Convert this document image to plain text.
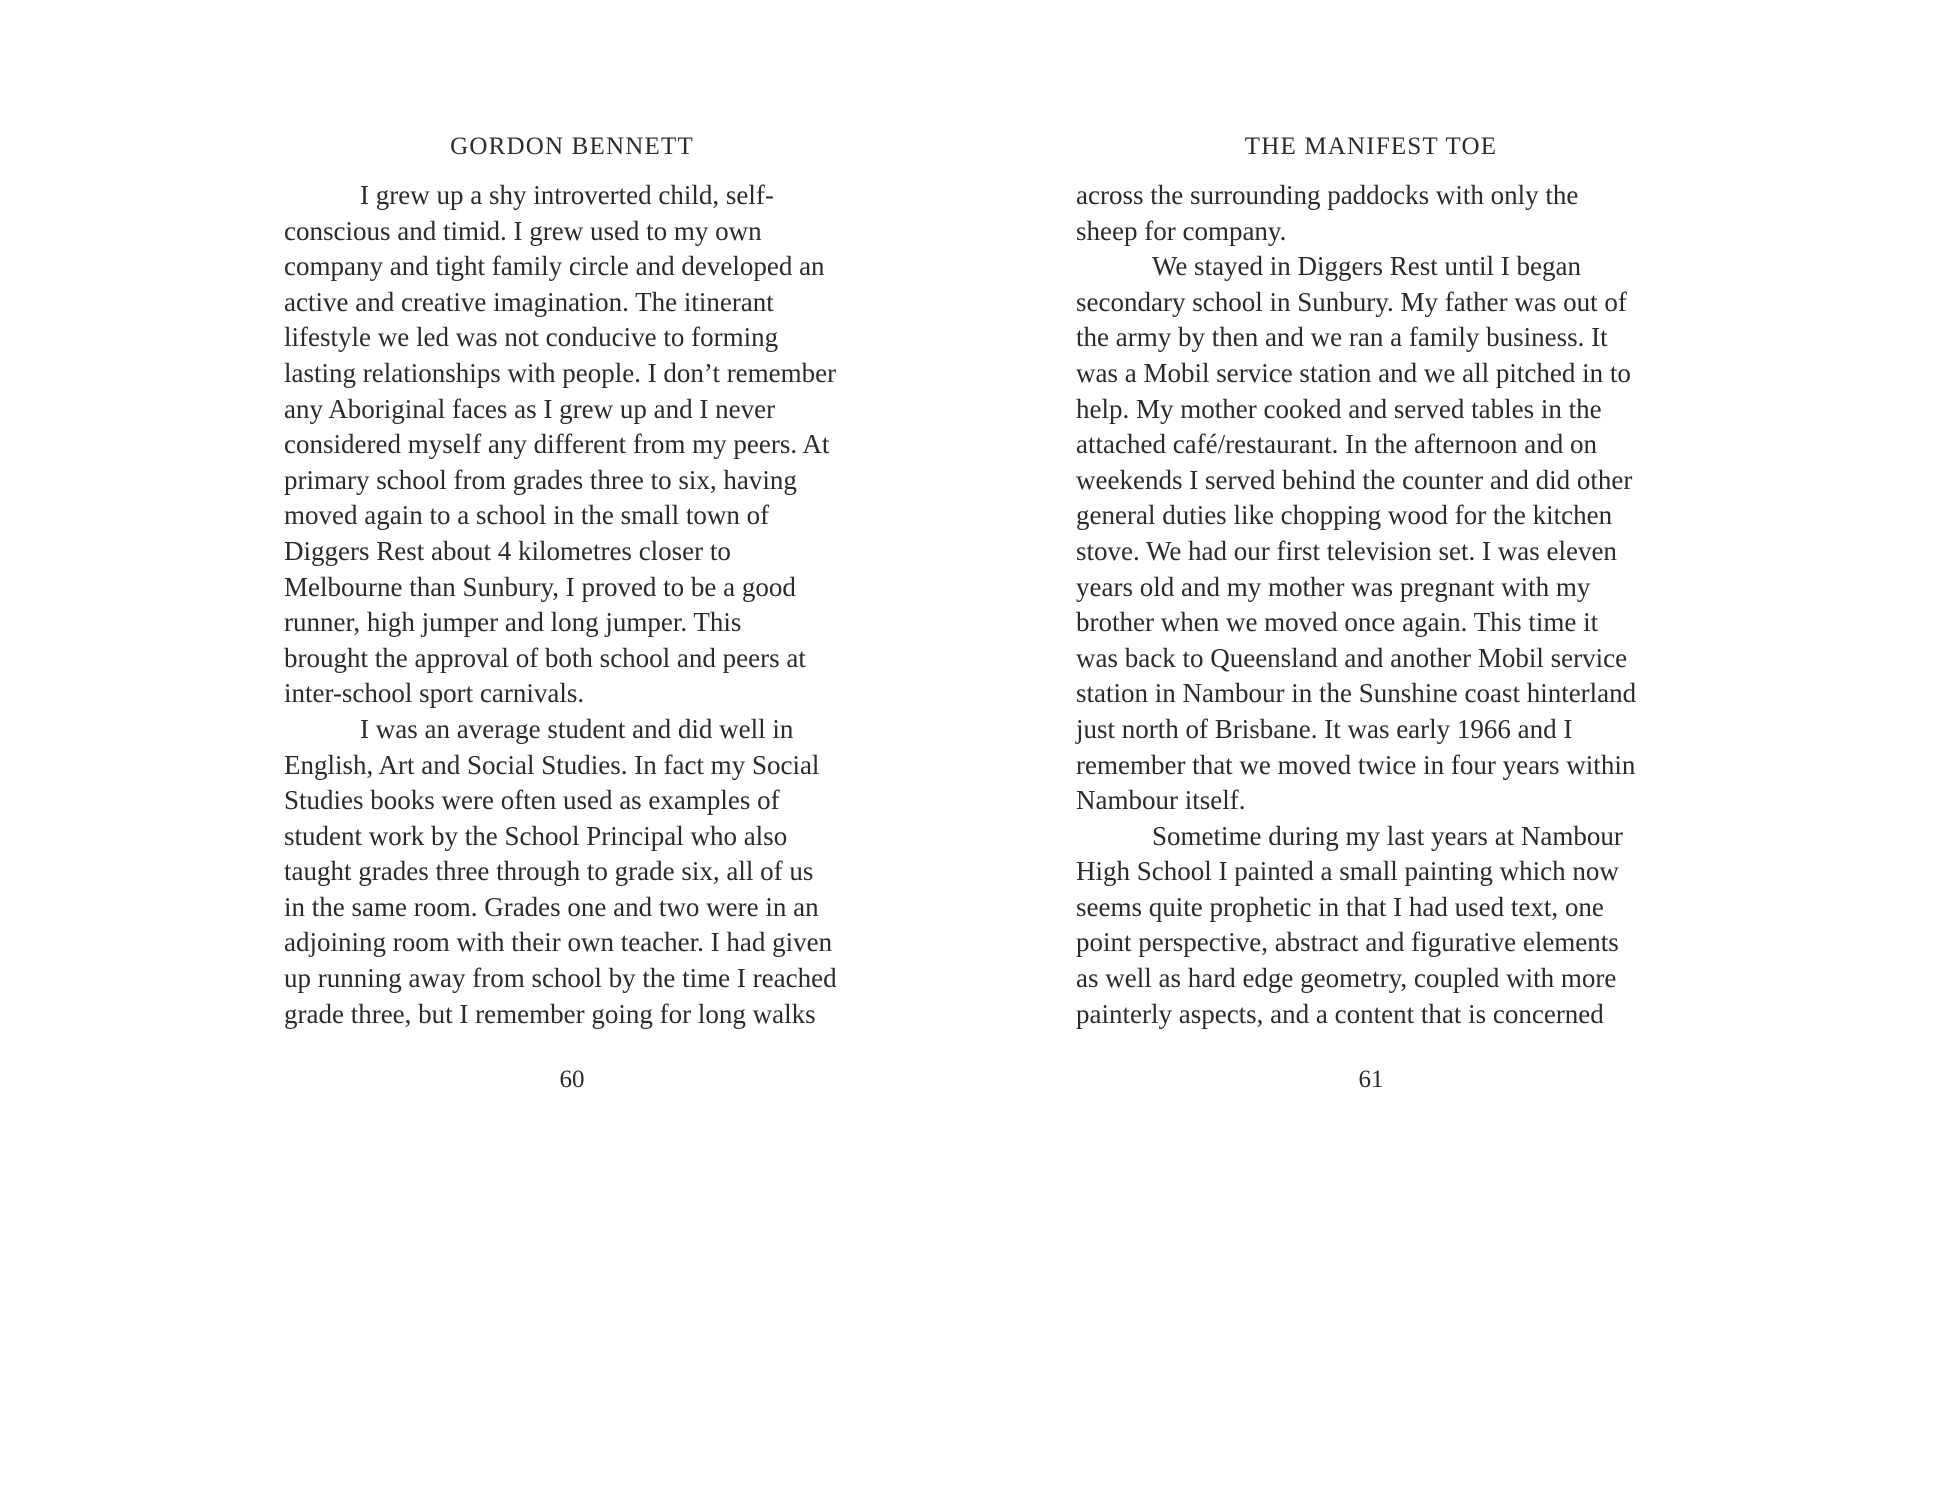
GORDON BENNETT
I grew up a shy introverted child, self-
conscious and timid. I grew used to my own
company and tight family circle and developed an
active and creative imagination. The itinerant
lifestyle we led was not conducive to forming
lasting relationships with people. I don’t remember
any Aboriginal faces as I grew up and I never
considered myself any different from my peers. At
primary school from grades three to six, having
moved again to a school in the small town of
Diggers Rest about 4 kilometres closer to
Melbourne than Sunbury, I proved to be a good
runner, high jumper and long jumper. This
brought the approval of both school and peers at
inter-school sport carnivals.
I was an average student and did well in
English, Art and Social Studies. In fact my Social
Studies books were often used as examples of
student work by the School Principal who also
taught grades three through to grade six, all of us
in the same room. Grades one and two were in an
adjoining room with their own teacher. I had given
up running away from school by the time I reached
grade three, but I remember going for long walks
60
THE MANIFEST TOE
across the surrounding paddocks with only the
sheep for company.
We stayed in Diggers Rest until I began
secondary school in Sunbury. My father was out of
the army by then and we ran a family business. It
was a Mobil service station and we all pitched in to
help. My mother cooked and served tables in the
attached café/restaurant. In the afternoon and on
weekends I served behind the counter and did other
general duties like chopping wood for the kitchen
stove. We had our first television set. I was eleven
years old and my mother was pregnant with my
brother when we moved once again. This time it
was back to Queensland and another Mobil service
station in Nambour in the Sunshine coast hinterland
just north of Brisbane. It was early 1966 and I
remember that we moved twice in four years within
Nambour itself.
Sometime during my last years at Nambour
High School I painted a small painting which now
seems quite prophetic in that I had used text, one
point perspective, abstract and figurative elements
as well as hard edge geometry, coupled with more
painterly aspects, and a content that is concerned
61
